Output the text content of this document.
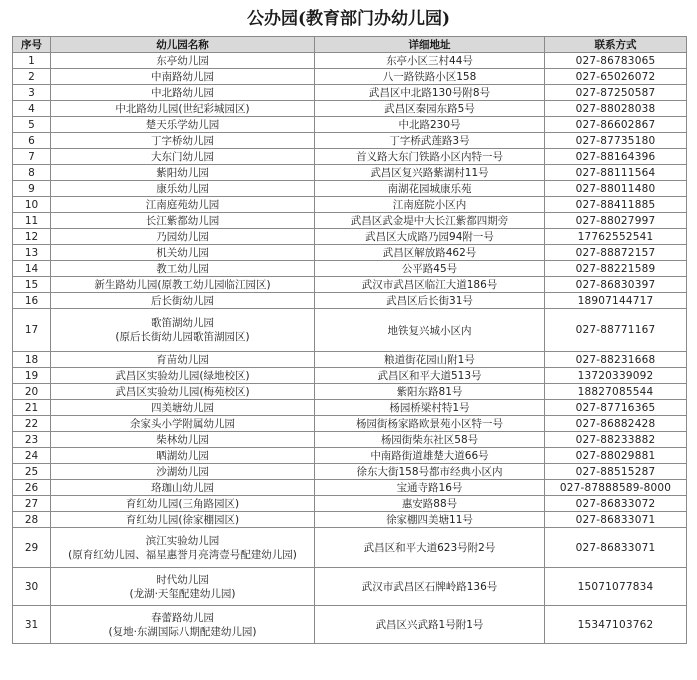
公办园(教育部门办幼儿园)
序号	幼儿园名称	详细地址	联系方式
1	东亭幼儿园	东亭小区三村44号	027-86783065
2	中南路幼儿园	八一路铁路小区158	027-65026072
3	中北路幼儿园	武昌区中北路130号附8号	027-87250587
4	中北路幼儿园(世纪彩城园区)	武昌区秦园东路5号	027-88028038
5	楚天乐学幼儿园	中北路230号	027-86602867
6	丁字桥幼儿园	丁字桥武莲路3号	027-87735180
7	大东门幼儿园	首义路大东门铁路小区内特一号	027-88164396
8	紫阳幼儿园	武昌区复兴路紫湖村11号	027-88111564
9	康乐幼儿园	南湖花园城康乐苑	027-88011480
10	江南庭苑幼儿园	江南庭院小区内	027-88411885
11	长江紫都幼儿园	武昌区武金堤中大长江紫都四期旁	027-88027997
12	乃园幼儿园	武昌区大成路乃园94附一号	17762552541
13	机关幼儿园	武昌区解放路462号	027-88872157
14	教工幼儿园	公平路45号	027-88221589
15	新生路幼儿园(原教工幼儿园临江园区)	武汉市武昌区临江大道186号	027-86830397
16	后长街幼儿园	武昌区后长街31号	18907144717
17	歌笛湖幼儿园
(原后长街幼儿园歌笛湖园区)	地铁复兴城小区内	027-88771167
18	育苗幼儿园	粮道街花园山附1号	027-88231668
19	武昌区实验幼儿园(绿地校区)	武昌区和平大道513号	13720339092
20	武昌区实验幼儿园(梅苑校区)	紫阳东路81号	18827085544
21	四美塘幼儿园	杨园桥梁村特1号	027-87716365
22	余家头小学附属幼儿园	杨园街杨家路欧景苑小区特一号	027-86882428
23	柴林幼儿园	杨园街柴东社区58号	027-88233882
24	晒湖幼儿园	中南路街道雄楚大道66号	027-88029881
25	沙湖幼儿园	徐东大街158号都市经典小区内	027-88515287
26	珞珈山幼儿园	宝通寺路16号	027-87888589-8000
27	育红幼儿园(三角路园区)	惠安路88号	027-86833072
28	育红幼儿园(徐家棚园区)	徐家棚四美塘11号	027-86833071
29	滨江实验幼儿园
(原育红幼儿园、福星惠誉月亮湾壹号配建幼儿园)	武昌区和平大道623号附2号	027-86833071
30	时代幼儿园
(龙湖·天玺配建幼儿园)	武汉市武昌区石牌岭路136号	15071077834
31	春蕾路幼儿园
(复地·东湖国际八期配建幼儿园)	武昌区兴武路1号附1号	15347103762
